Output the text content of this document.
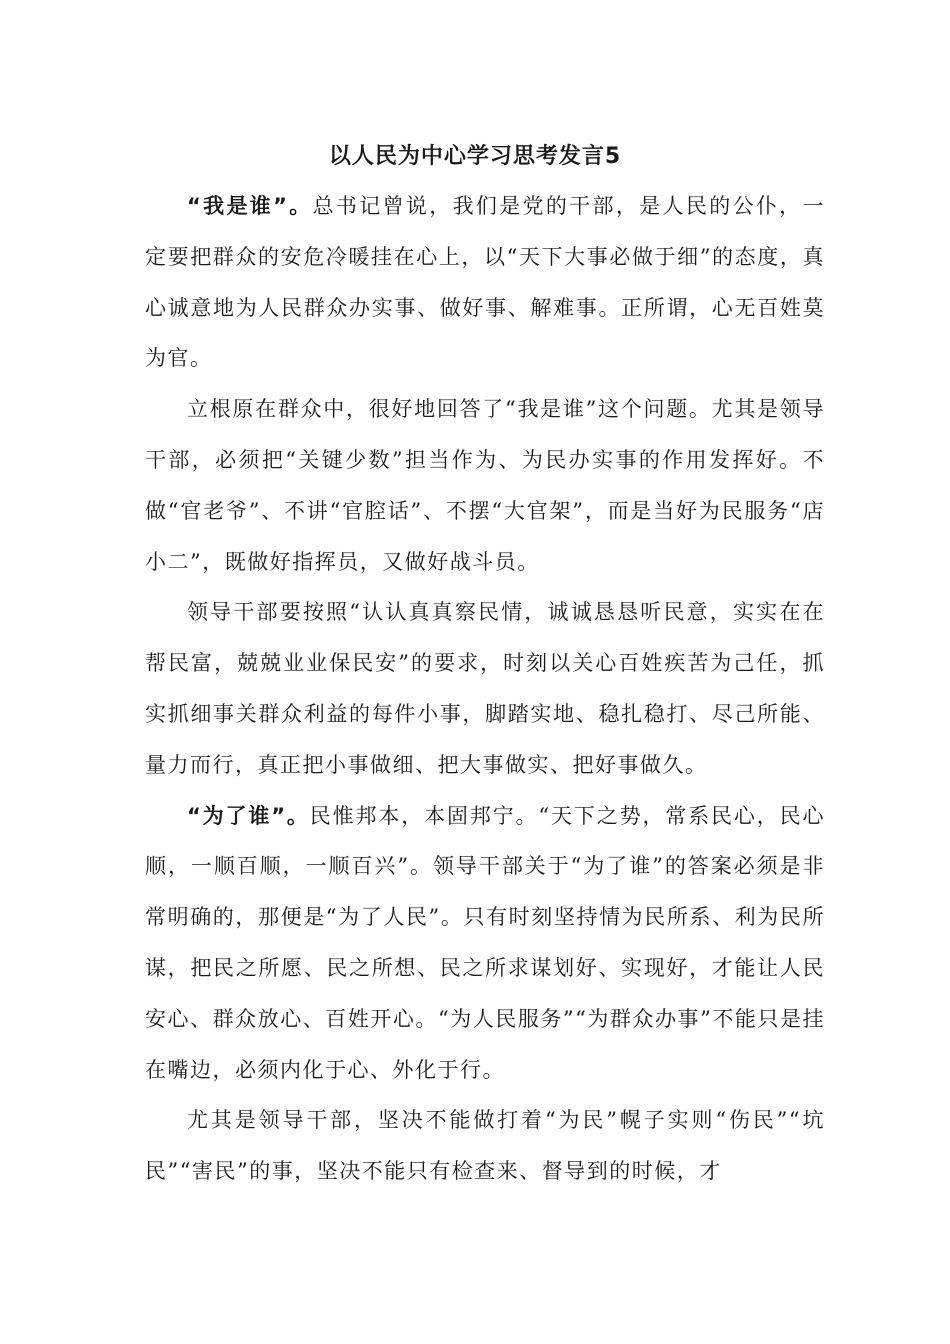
以人民为中心学习思考发言5

“我是谁”。总书记曾说，我们是党的干部，是人民的公仆，一定要把群众的安危冷暖挂在心上，以“天下大事必做于细”的态度，真心诚意地为人民群众办实事、做好事、解难事。正所谓，心无百姓莫为官。

立根原在群众中，很好地回答了“我是谁”这个问题。尤其是领导干部，必须把“关键少数”担当作为、为民办实事的作用发挥好。不做“官老爷”、不讲“官腔话”、不摆“大官架”，而是当好为民服务“店小二”，既做好指挥员，又做好战斗员。

领导干部要按照“认认真真察民情，诚诚恳恳听民意，实实在在帮民富，兢兢业业保民安”的要求，时刻以关心百姓疾苦为己任，抓实抓细事关群众利益的每件小事，脚踏实地、稳扎稳打、尽己所能、量力而行，真正把小事做细、把大事做实、把好事做久。

“为了谁”。民惟邦本，本固邦宁。“天下之势，常系民心，民心顺，一顺百顺，一顺百兴”。领导干部关于“为了谁”的答案必须是非常明确的，那便是“为了人民”。只有时刻坚持情为民所系、利为民所谋，把民之所愿、民之所想、民之所求谋划好、实现好，才能让人民安心、群众放心、百姓开心。“为人民服务”“为群众办事”不能只是挂在嘴边，必须内化于心、外化于行。

尤其是领导干部，坚决不能做打着“为民”幌子实则“伤民”“坑民”“害民”的事，坚决不能只有检查来、督导到的时候，才
